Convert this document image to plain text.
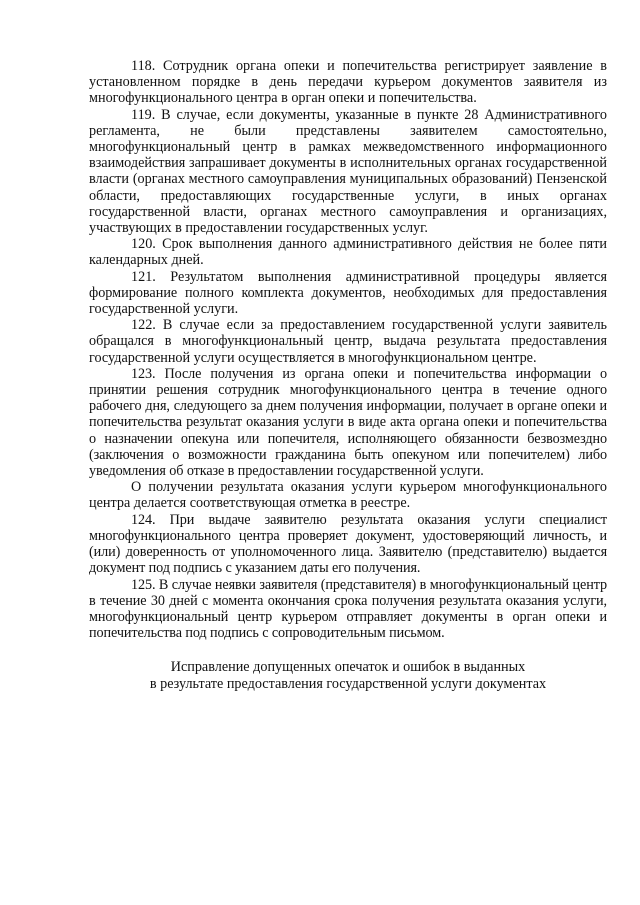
118. Сотрудник органа опеки и попечительства регистрирует заявление в установленном порядке в день передачи курьером документов заявителя из многофункционального центра в орган опеки и попечительства.

119. В случае, если документы, указанные в пункте 28 Административного регламента, не были представлены заявителем самостоятельно, многофункциональный центр в рамках межведомственного информационного взаимодействия запрашивает документы в исполнительных органах государственной власти (органах местного самоуправления муниципальных образований) Пензенской области, предоставляющих государственные услуги, в иных органах государственной власти, органах местного самоуправления и организациях, участвующих в предоставлении государственных услуг.

120. Срок выполнения данного административного действия не более пяти календарных дней.

121. Результатом выполнения административной процедуры является формирование полного комплекта документов, необходимых для предоставления государственной услуги.

122. В случае если за предоставлением государственной услуги заявитель обращался в многофункциональный центр, выдача результата предоставления государственной услуги осуществляется в многофункциональном центре.

123. После получения из органа опеки и попечительства информации о принятии решения сотрудник многофункционального центра в течение одного рабочего дня, следующего за днем получения информации, получает в органе опеки и попечительства результат оказания услуги в виде акта органа опеки и попечительства о назначении опекуна или попечителя, исполняющего обязанности безвозмездно (заключения о возможности гражданина быть опекуном или попечителем) либо уведомления об отказе в предоставлении государственной услуги.

О получении результата оказания услуги курьером многофункционального центра делается соответствующая отметка в реестре.

124. При выдаче заявителю результата оказания услуги специалист многофункционального центра проверяет документ, удостоверяющий личность, и (или) доверенность от уполномоченного лица. Заявителю (представителю) выдается документ под подпись с указанием даты его получения.

125. В случае неявки заявителя (представителя) в многофункциональный центр в течение 30 дней с момента окончания срока получения результата оказания услуги, многофункциональный центр курьером отправляет документы в орган опеки и попечительства под подпись с сопроводительным письмом.

Исправление допущенных опечаток и ошибок в выданных
в результате предоставления государственной услуги документах
